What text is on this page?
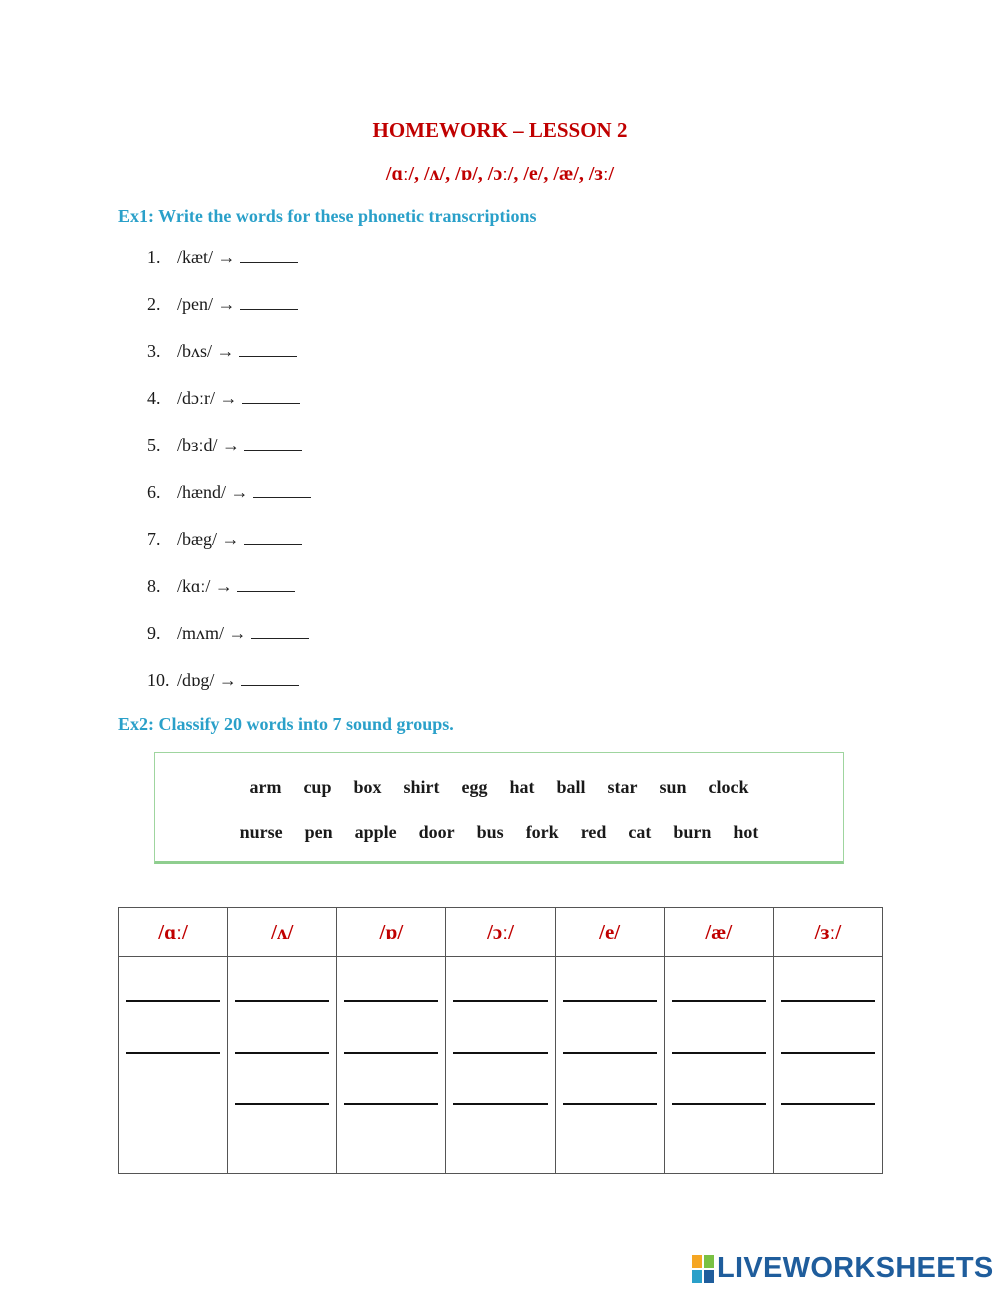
HOMEWORK – LESSON 2
/ɑː/, /ʌ/, /ɒ/, /ɔː/, /e/, /æ/, /ɜː/
Ex1: Write the words for these phonetic transcriptions
1. /kæt/ →
2. /pen/ →
3. /bʌs/ →
4. /dɔːr/ →
5. /bɜːd/ →
6. /hænd/ →
7. /bæg/ →
8. /kɑː/ →
9. /mʌm/ →
10. /dɒg/ →
Ex2: Classify 20 words into 7 sound groups.
arm cup box shirt egg hat ball star sun clock
nurse pen apple door bus fork red cat burn hot
/ɑː/	/ʌ/	/ɒ/	/ɔː/	/e/	/æ/	/ɜː/

LIVEWORKSHEETS
